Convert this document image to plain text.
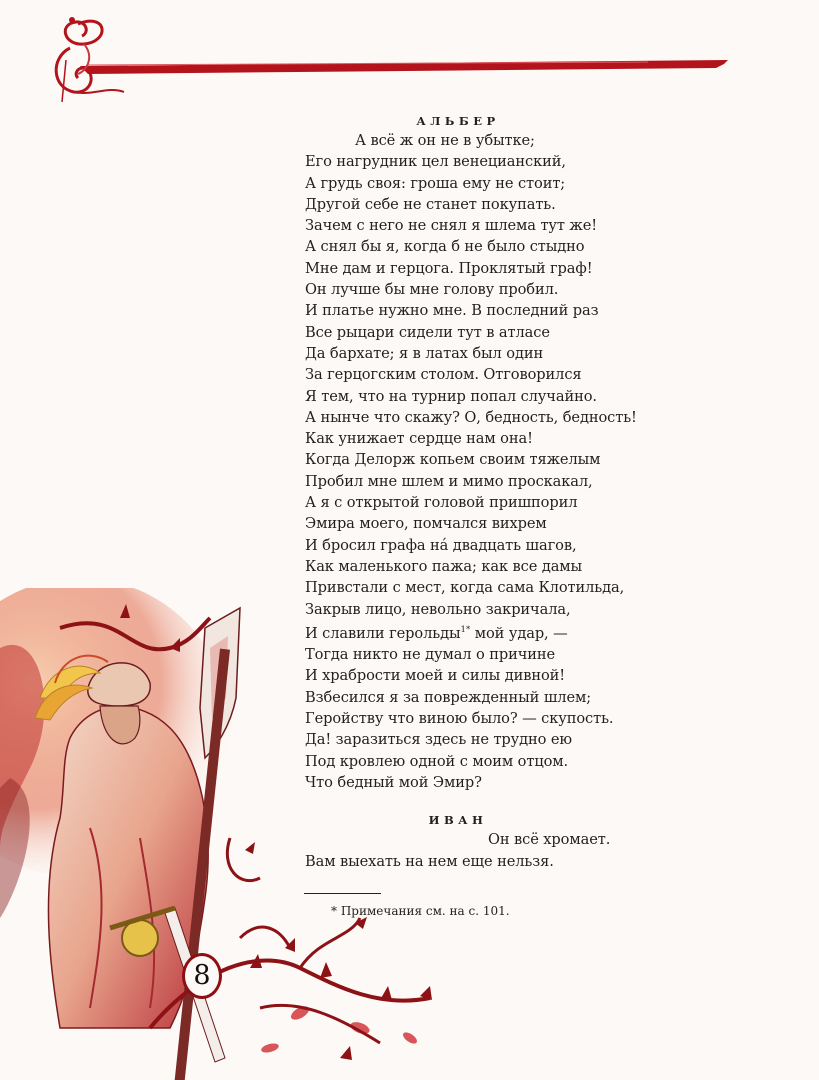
АЛЬБЕР
А всё ж он не в убытке;
Его нагрудник цел венецианский,
А грудь своя: гроша ему не стоит;
Другой себе не станет покупать.
Зачем с него не снял я шлема тут же!
А снял бы я, когда б не было стыдно
Мне дам и герцога. Проклятый граф!
Он лучше бы мне голову пробил.
И платье нужно мне. В последний раз
Все рыцари сидели тут в атласе
Да бархате; я в латах был один
За герцогским столом. Отговорился
Я тем, что на турнир попал случайно.
А нынче что скажу? О, бедность, бедность!
Как унижает сердце нам она!
Когда Делорж копьем своим тяжелым
Пробил мне шлем и мимо проскакал,
А я с открытой головой пришпорил
Эмира моего, помчался вихрем
И бросил графа нá двадцать шагов,
Как маленького пажа; как все дамы
Привстали с мест, когда сама Клотильда,
Закрыв лицо, невольно закричала,
И славили герольды$^{1*}$ мой удар, —
Тогда никто не думал о причине
И храбрости моей и силы дивной!
Взбесился я за поврежденный шлем;
Геройству что виною было? — скупость.
Да! заразиться здесь не трудно ею
Под кровлею одной с моим отцом.
Что бедный мой Эмир?
ИВАН
Он всё хромает.
Вам выехать на нем еще нельзя.
* Примечания см. на с. 101.
8
